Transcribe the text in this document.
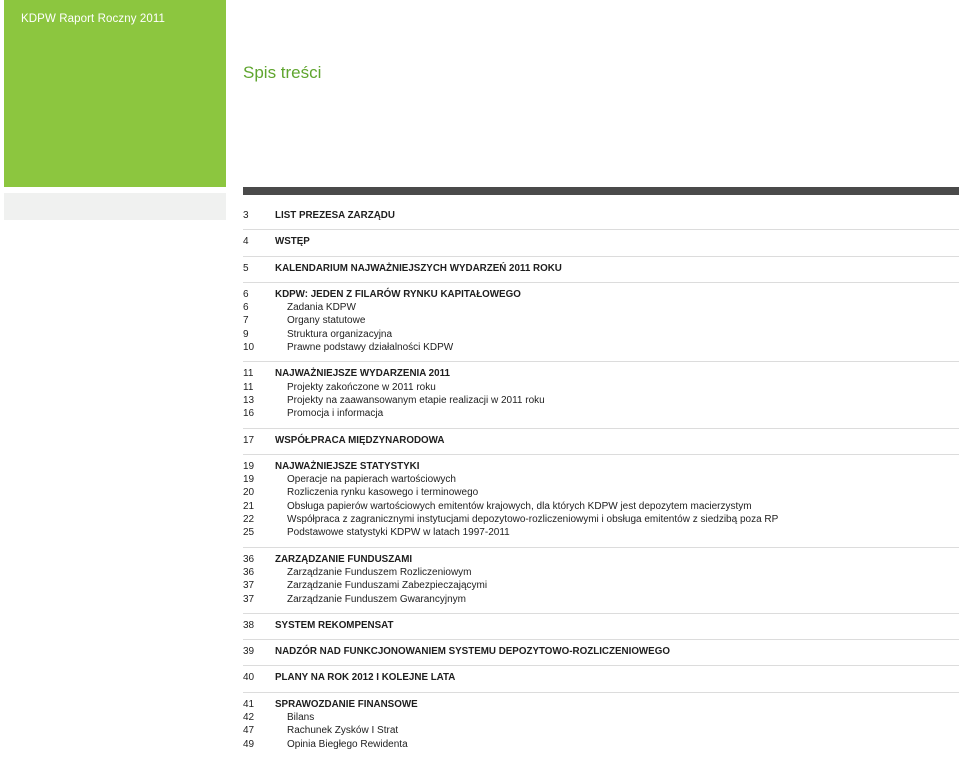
KDPW Raport Roczny 2011
Spis treści
3	LIST PREZESA ZARZĄDU
4	WSTĘP
5	KALENDARIUM NAJWAŻNIEJSZYCH WYDARZEŃ 2011 ROKU
6	KDPW: JEDEN Z FILARÓW RYNKU KAPITAŁOWEGO
6	Zadania KDPW
7	Organy statutowe
9	Struktura organizacyjna
10	Prawne podstawy działalności KDPW
11	NAJWAŻNIEJSZE WYDARZENIA 2011
11	Projekty zakończone w 2011 roku
13	Projekty na zaawansowanym etapie realizacji w 2011 roku
16	Promocja i informacja
17	WSPÓŁPRACA MIĘDZYNARODOWA
19	NAJWAŻNIEJSZE STATYSTYKI
19	Operacje na papierach wartościowych
20	Rozliczenia rynku kasowego i terminowego
21	Obsługa papierów wartościowych emitentów krajowych, dla których KDPW jest depozytem macierzystym
22	Współpraca z zagranicznymi instytucjami depozytowo-rozliczeniowymi i obsługa emitentów z siedzibą poza RP
25	Podstawowe statystyki KDPW w latach 1997-2011
36	ZARZĄDZANIE FUNDUSZAMI
36	Zarządzanie Funduszem Rozliczeniowym
37	Zarządzanie Funduszami Zabezpieczającymi
37	Zarządzanie Funduszem Gwarancyjnym
38	SYSTEM REKOMPENSAT
39	NADZÓR NAD FUNKCJONOWANIEM SYSTEMU DEPOZYTOWO-ROZLICZENIOWEGO
40	PLANY NA ROK 2012 I KOLEJNE LATA
41	SPRAWOZDANIE FINANSOWE
42	Bilans
47	Rachunek Zysków I Strat
49	Opinia Biegłego Rewidenta
